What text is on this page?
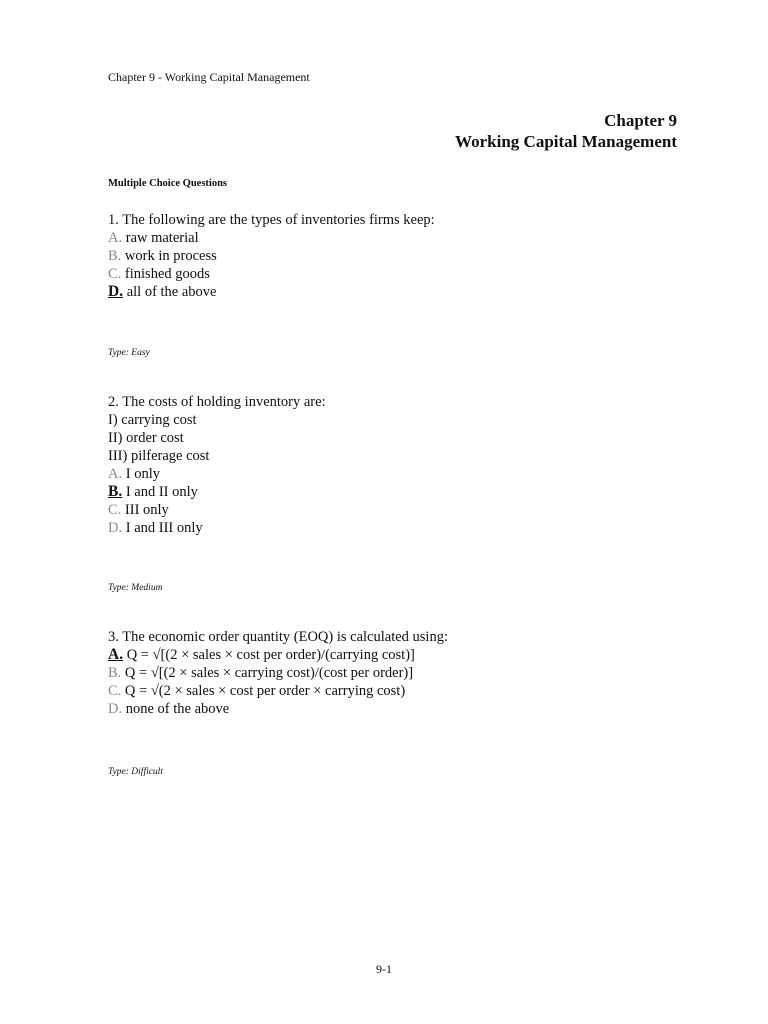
Chapter 9 - Working Capital Management
Chapter 9
Working Capital Management
Multiple Choice Questions
1. The following are the types of inventories firms keep:
A. raw material
B. work in process
C. finished goods
D. all of the above
Type: Easy
2. The costs of holding inventory are:
I) carrying cost
II) order cost
III) pilferage cost
A. I only
B. I and II only
C. III only
D. I and III only
Type: Medium
3. The economic order quantity (EOQ) is calculated using:
A. Q = √[(2 × sales × cost per order)/(carrying cost)]
B. Q = √[(2 × sales × carrying cost)/(cost per order)]
C. Q = √(2 × sales × cost per order × carrying cost)
D. none of the above
Type: Difficult
9-1
